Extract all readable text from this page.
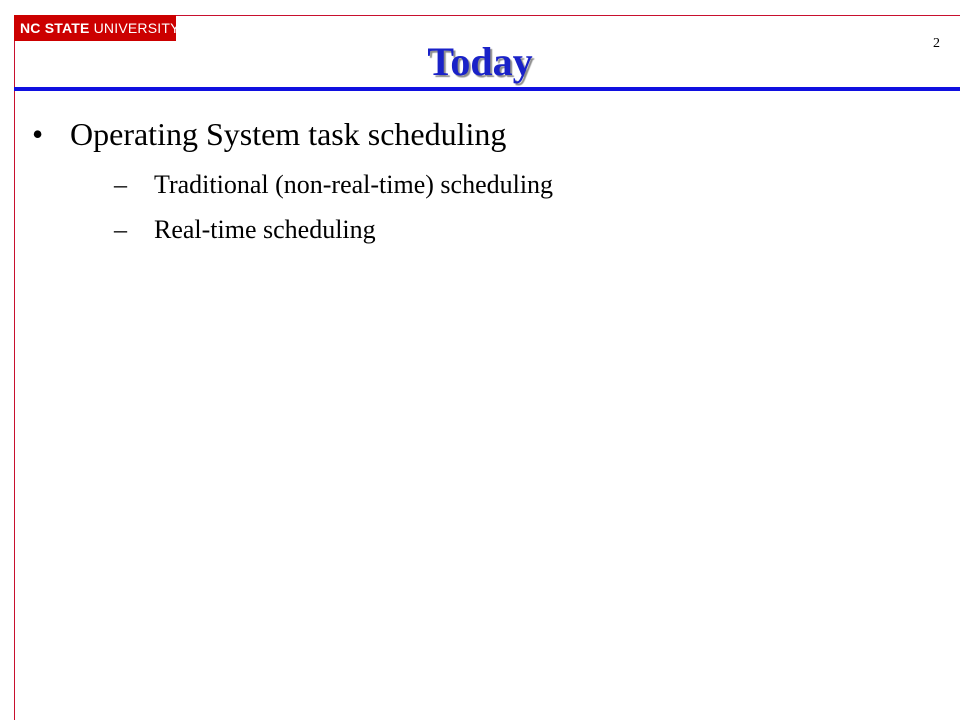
NC STATE UNIVERSITY
2
Today
• Operating System task scheduling
– Traditional (non-real-time) scheduling
– Real-time scheduling
